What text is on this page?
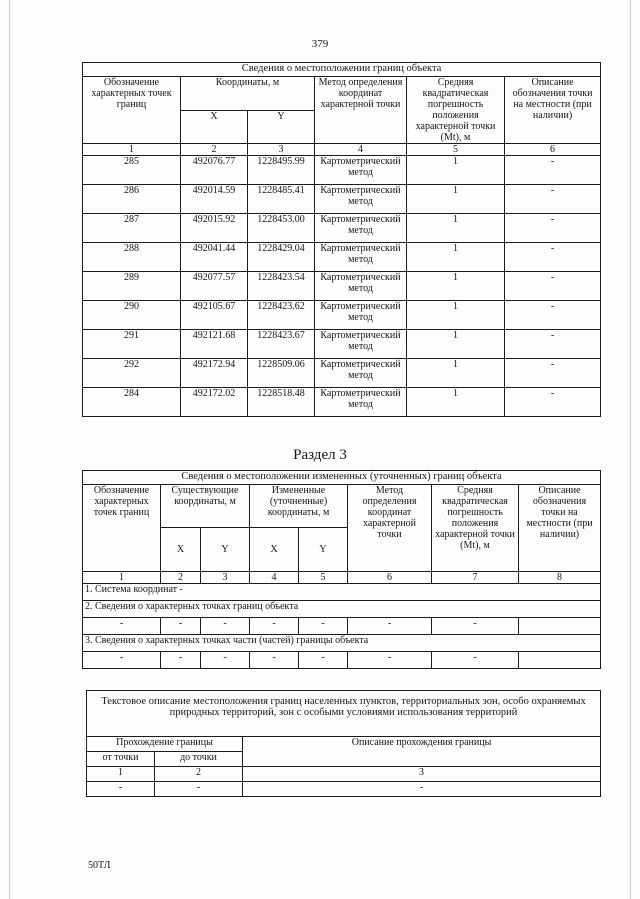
379
Сведения о местоположении границ объекта					
Обозначение характерных точек границ	Координаты, м		Метод определения координат характерной точки	Средняя квадратическая погрешность положения характерной точки (Mt), м	Описание обозначения точки на местности (при наличии)
	X	Y			
1	2	3	4	5	6
285	492076.77	1228495.99	Картометрический метод	1	-
286	492014.59	1228485.41	Картометрический метод	1	-
287	492015.92	1228453.00	Картометрический метод	1	-
288	492041.44	1228429.04	Картометрический метод	1	-
289	492077.57	1228423.54	Картометрический метод	1	-
290	492105.67	1228423.62	Картометрический метод	1	-
291	492121.68	1228423.67	Картометрический метод	1	-
292	492172.94	1228509.06	Картометрический метод	1	-
284	492172.02	1228518.48	Картометрический метод	1	-
Раздел 3
Сведения о местоположении измененных (уточненных) границ объекта							
Обозначение характерных точек границ	Существующие координаты, м		Измененные (уточненные) координаты, м		Метод определения координат характерной точки	Средняя квадратическая погрешность положения характерной точки (Mt), м	Описание обозначения точки на местности (при наличии)
	X	Y	X	Y			
1	2	3	4	5	6	7	8
1. Система координат -							
2. Сведения о характерных точках границ объекта							
-	-	-	-	-	-	-	
3. Сведения о характерных точках части (частей) границы объекта							
-	-	-	-	-	-	-	
Текстовое описание местоположения границ населенных пунктов, территориальных зон, особо охраняемых природных территорий, зон с особыми условиями использования территорий		
Прохождение границы		Описание прохождения границы
от точки	до точки	
1	2	3
-	-	-
50ТЛ
